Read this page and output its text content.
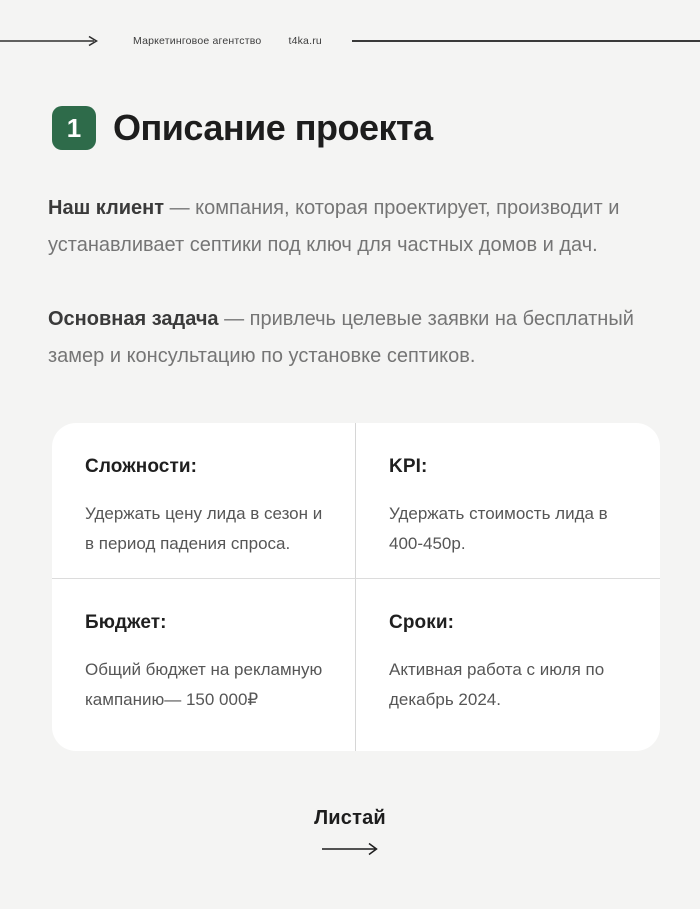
Маркетинговое агентство	t4ka.ru
1 Описание проекта

Наш клиент — компания, которая проектирует, производит и устанавливает септики под ключ для частных домов и дач.

Основная задача — привлечь целевые заявки на бесплатный замер и консультацию по установке септиков.

Сложности:

Удержать цену лида в сезон и в период падения спроса.

KPI:

Удержать стоимость лида в 400-450р.

Бюджет:

Общий бюджет на рекламную кампанию— 150 000₽

Сроки:

Активная работа с июля по декабрь 2024.

Листай
